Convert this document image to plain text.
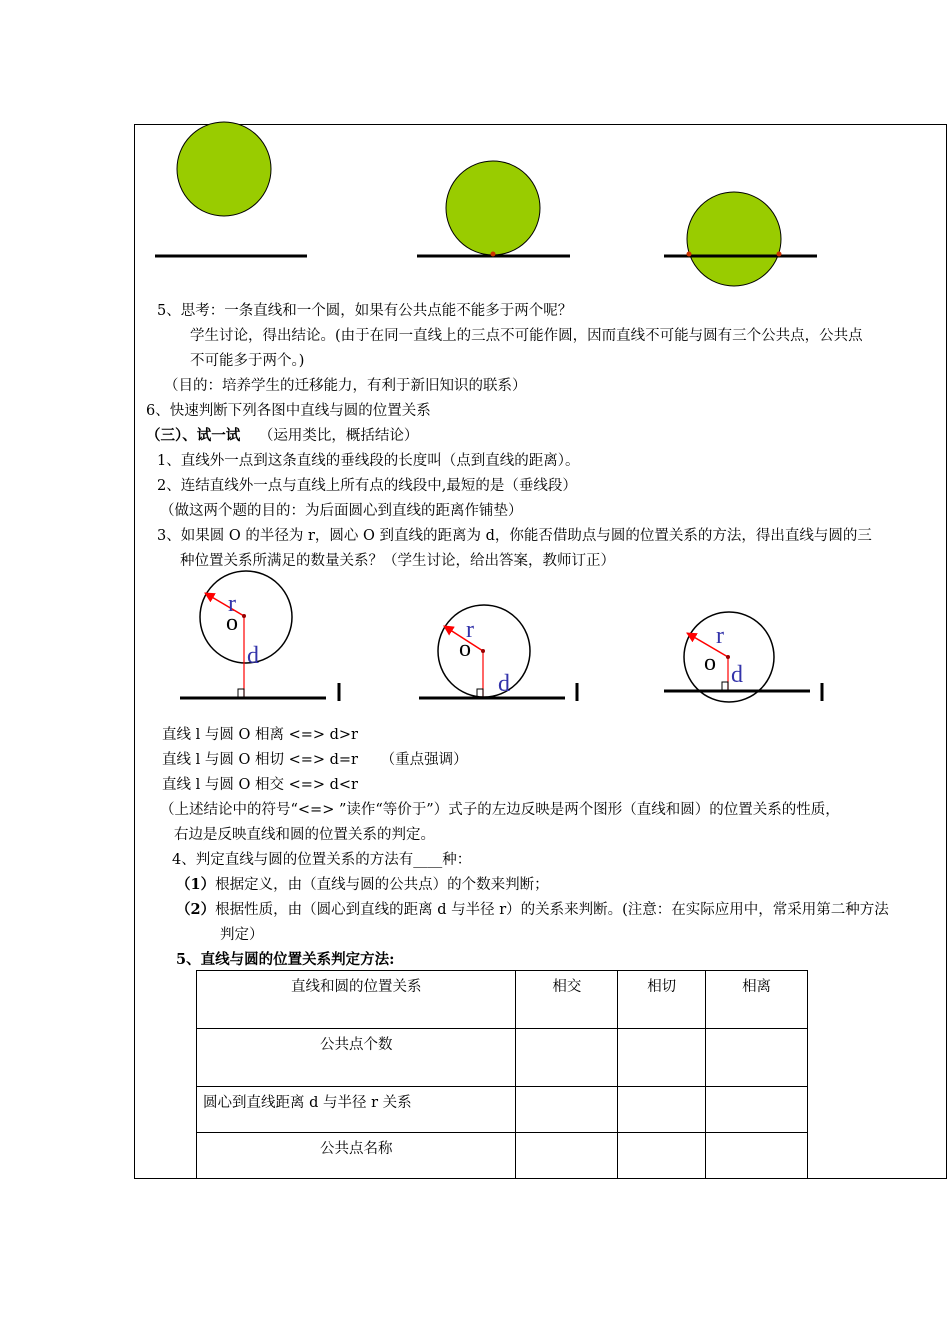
5、思考：一条直线和一个圆，如果有公共点能不能多于两个呢？
学生讨论，得出结论。(由于在同一直线上的三点不可能作圆，因而直线不可能与圆有三个公共点，公共点
不可能多于两个。)
（目的：培养学生的迁移能力，有利于新旧知识的联系）
6、快速判断下列各图中直线与圆的位置关系
（三）、试一试 （运用类比，概括结论）
1、直线外一点到这条直线的垂线段的长度叫（点到直线的距离）。
2、连结直线外一点与直线上所有点的线段中,最短的是（垂线段）
（做这两个题的目的：为后面圆心到直线的距离作铺垫）
3、如果圆 O 的半径为 r，圆心 O 到直线的距离为 d，你能否借助点与圆的位置关系的方法，得出直线与圆的三
种位置关系所满足的数量关系？（学生讨论，给出答案，教师订正）
r
o
d
r
o
d
r
o d
直线 l 与圆 O 相离 <=> d>r
直线 l 与圆 O 相切 <=> d=r （重点强调）
直线 l 与圆 O 相交 <=> d<r
（上述结论中的符号“<=> ”读作“等价于”）式子的左边反映是两个图形（直线和圆）的位置关系的性质，
右边是反映直线和圆的位置关系的判定。
4、判定直线与圆的位置关系的方法有____种：
（1）根据定义，由（直线与圆的公共点）的个数来判断；
（2）根据性质，由（圆心到直线的距离 d 与半径 r）的关系来判断。(注意：在实际应用中，常采用第二种方法
判定）
5、直线与圆的位置关系判定方法:
直线和圆的位置关系	相交	相切	相离
公共点个数			
圆心到直线距离 d 与半径 r 关系			
公共点名称			
